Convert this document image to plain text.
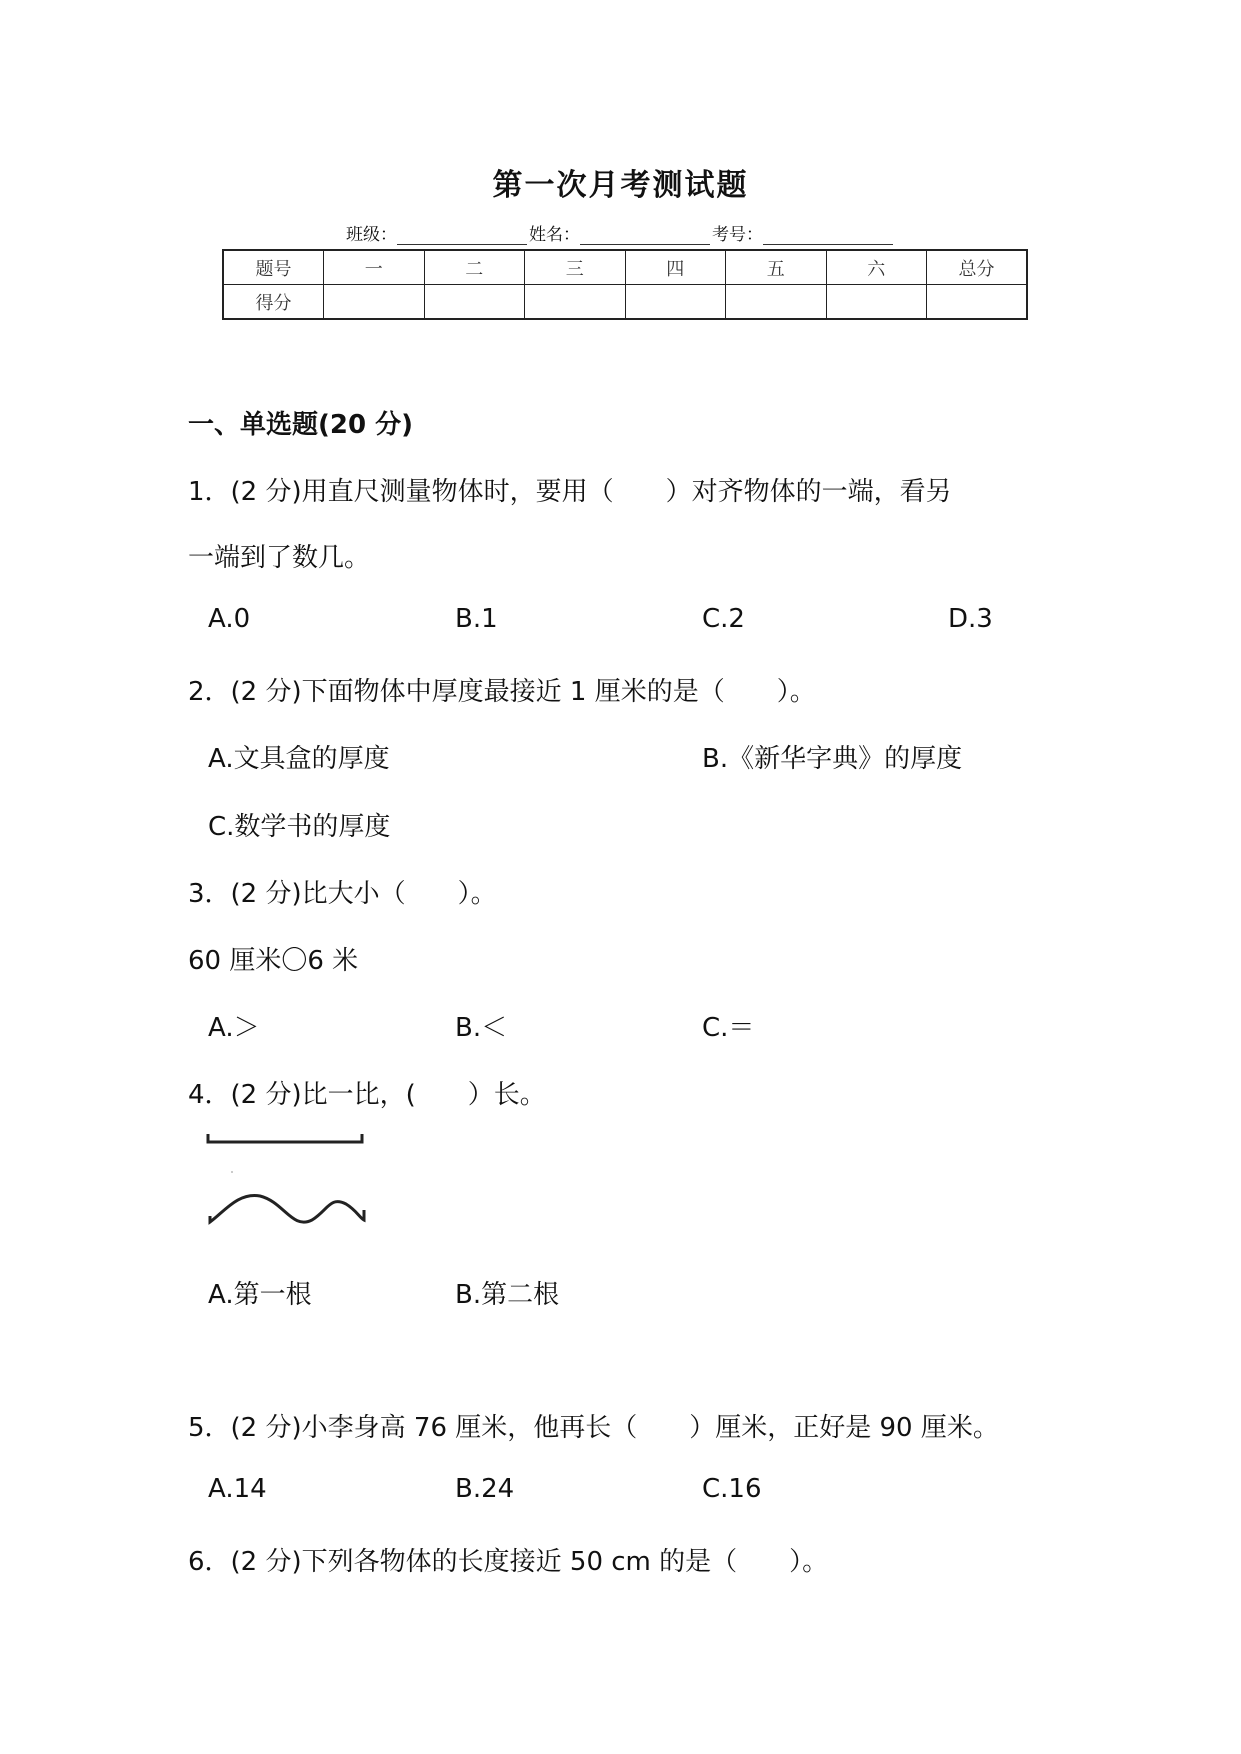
第一次月考测试题
班级：	姓名：	考号：
题号	一	二	三	四	五	六	总分
得分							
一、单选题(20 分)
1．(2 分)用直尺测量物体时，要用（　　）对齐物体的一端，看另
一端到了数几。
A.0	B.1	C.2	D.3
2．(2 分)下面物体中厚度最接近 1 厘米的是（　　）。
A.文具盒的厚度	B.《新华字典》的厚度
C.数学书的厚度
3．(2 分)比大小（　　）。
60 厘米〇6 米
A.＞	B.＜	C.＝
4．(2 分)比一比，(　　）长。
A.第一根	B.第二根
5．(2 分)小李身高 76 厘米，他再长（　　）厘米，正好是 90 厘米。
A.14	B.24	C.16
6．(2 分)下列各物体的长度接近 50 cm 的是（　　）。
